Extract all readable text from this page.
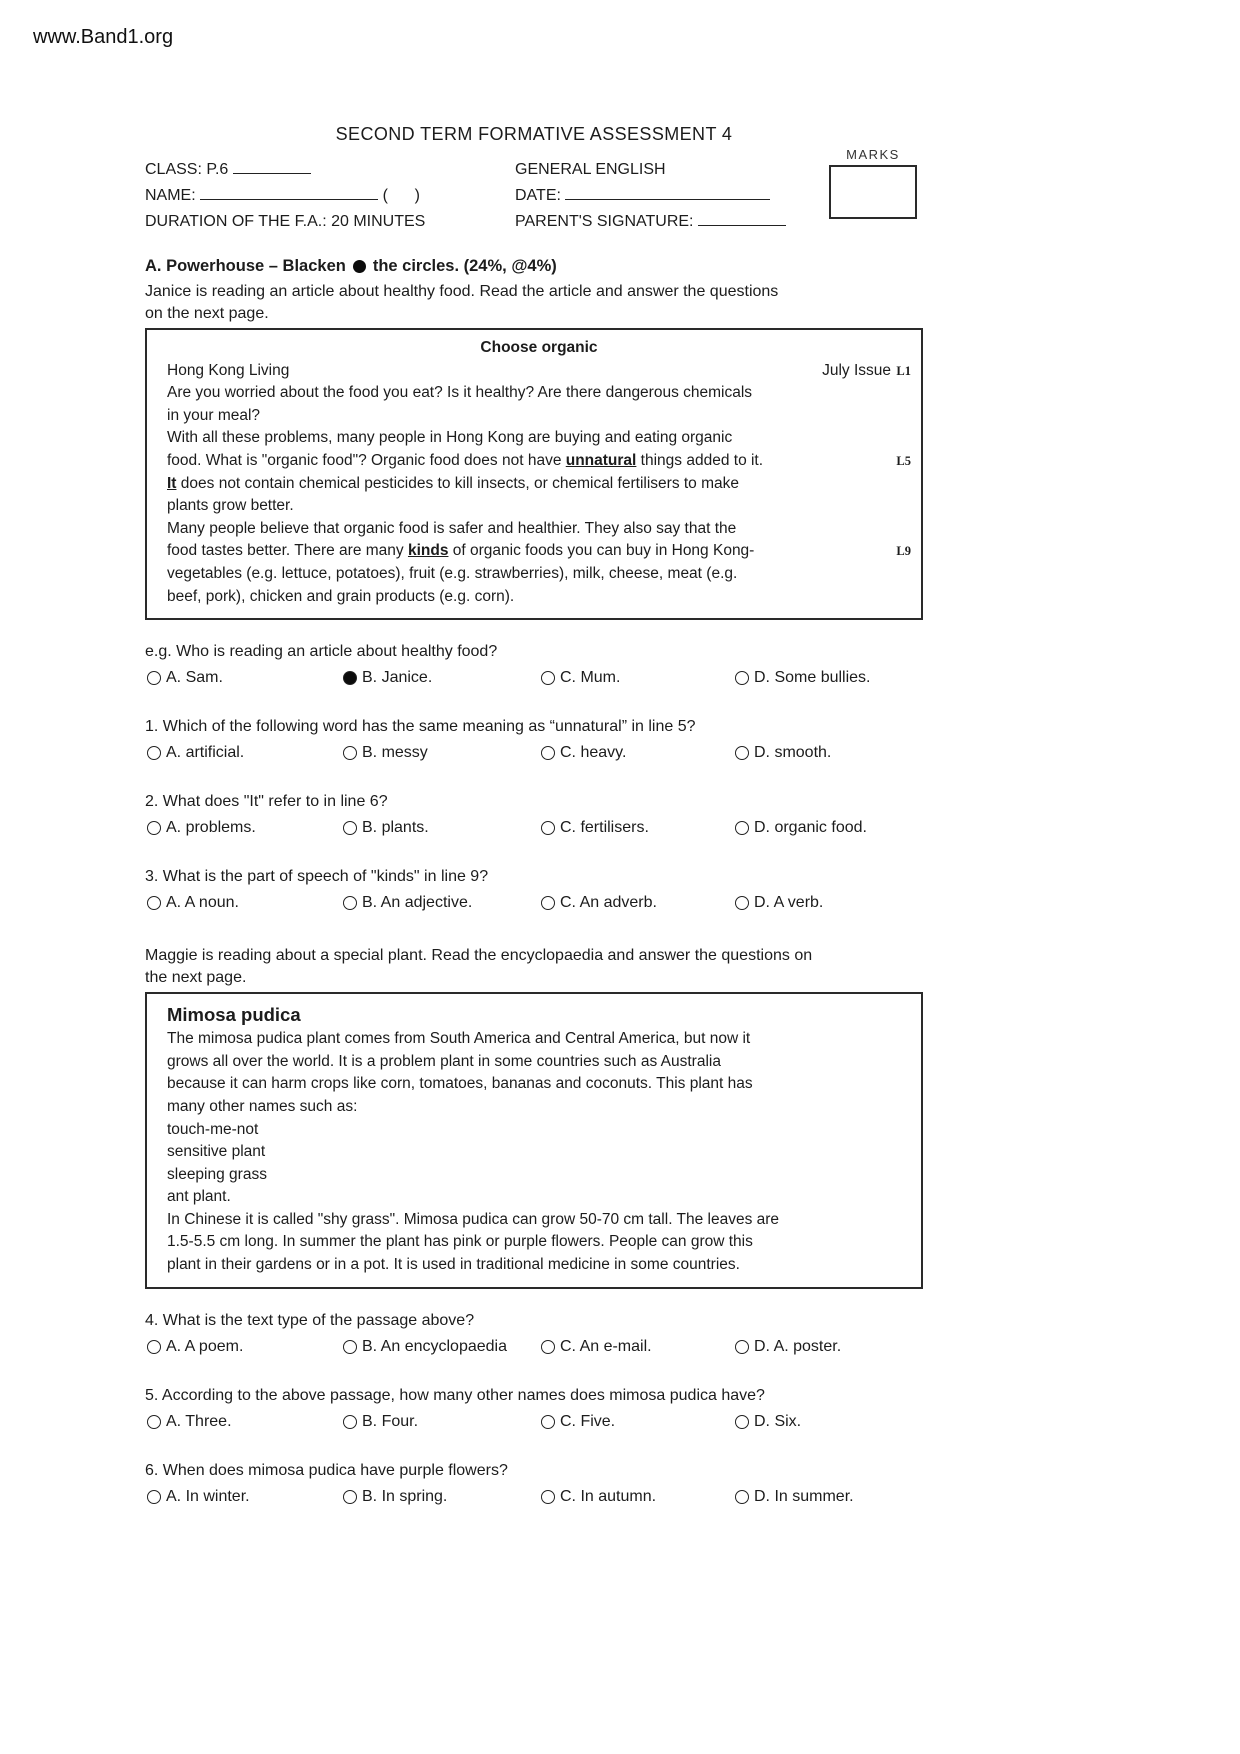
www.Band1.org
SECOND TERM FORMATIVE ASSESSMENT 4
CLASS: P.6
NAME:	(      )
DURATION OF THE F.A.: 20 MINUTES
GENERAL ENGLISH
DATE:
PARENT'S SIGNATURE:
MARKS
A. Powerhouse – Blacken the circles. (24%, @4%)
Janice is reading an article about healthy food. Read the article and answer the questions
on the next page.
Choose organic
Hong Kong Living	July Issue L1
Are you worried about the food you eat? Is it healthy? Are there dangerous chemicals
in your meal?
With all these problems, many people in Hong Kong are buying and eating organic
food. What is "organic food"? Organic food does not have unnatural things added to it.	L5
It does not contain chemical pesticides to kill insects, or chemical fertilisers to make
plants grow better.
Many people believe that organic food is safer and healthier. They also say that the
food tastes better. There are many kinds of organic foods you can buy in Hong Kong-	L9
vegetables (e.g. lettuce, potatoes), fruit (e.g. strawberries), milk, cheese, meat (e.g.
beef, pork), chicken and grain products (e.g. corn).
e.g. Who is reading an article about healthy food?
A. Sam.	B. Janice.	C. Mum.	D. Some bullies.
1. Which of the following word has the same meaning as “unnatural” in line 5?
A. artificial.	B. messy	C. heavy.	D. smooth.
2. What does "It" refer to in line 6?
A. problems.	B. plants.	C. fertilisers.	D. organic food.
3. What is the part of speech of "kinds" in line 9?
A. A noun.	B. An adjective.	C. An adverb.	D. A verb.
Maggie is reading about a special plant. Read the encyclopaedia and answer the questions on
the next page.
Mimosa pudica
The mimosa pudica plant comes from South America and Central America, but now it
grows all over the world. It is a problem plant in some countries such as Australia
because it can harm crops like corn, tomatoes, bananas and coconuts. This plant has
many other names such as:
touch-me-not
sensitive plant
sleeping grass
ant plant.
In Chinese it is called "shy grass". Mimosa pudica can grow 50-70 cm tall. The leaves are
1.5-5.5 cm long. In summer the plant has pink or purple flowers. People can grow this
plant in their gardens or in a pot. It is used in traditional medicine in some countries.
4. What is the text type of the passage above?
A. A poem.	B. An encyclopaedia	C. An e-mail.	D. A. poster.
5. According to the above passage, how many other names does mimosa pudica have?
A. Three.	B. Four.	C. Five.	D. Six.
6. When does mimosa pudica have purple flowers?
A. In winter.	B. In spring.	C. In autumn.	D. In summer.
